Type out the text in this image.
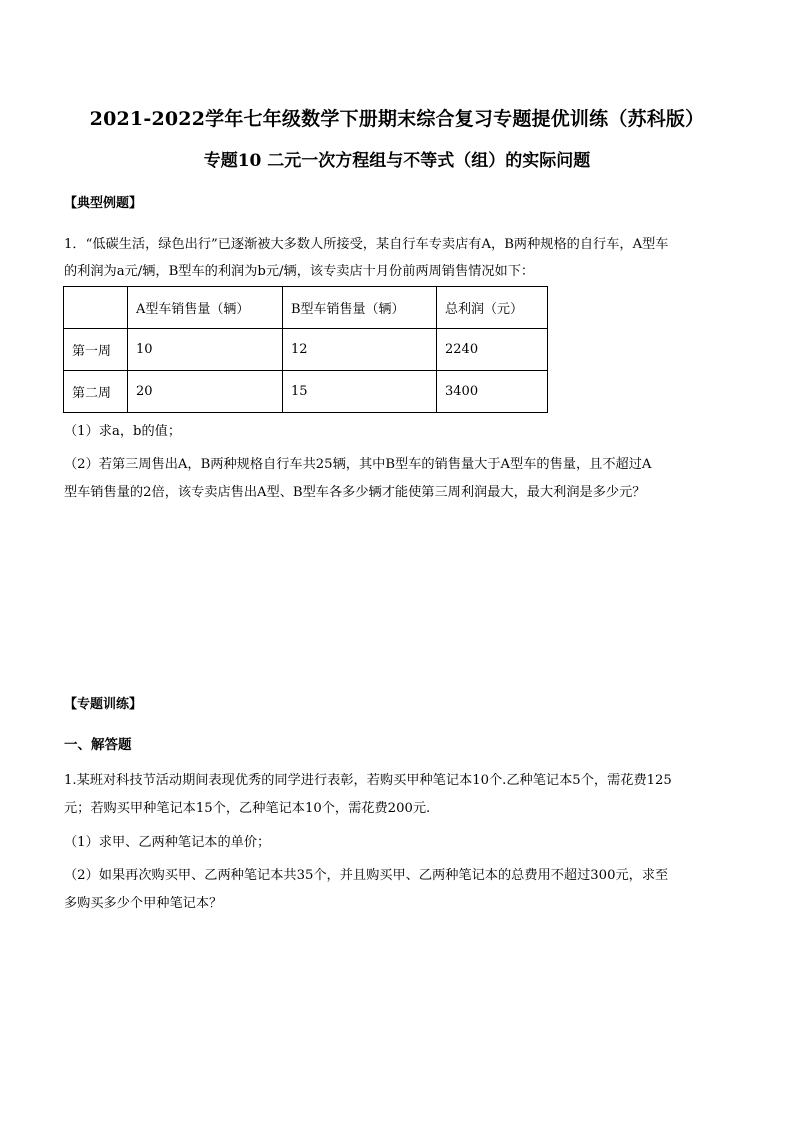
2021-2022学年七年级数学下册期末综合复习专题提优训练（苏科版）
专题10 二元一次方程组与不等式（组）的实际问题
【典型例题】
1．“低碳生活，绿色出行”已逐渐被大多数人所接受，某自行车专卖店有A，B两种规格的自行车，A型车
的利润为a元/辆，B型车的利润为b元/辆，该专卖店十月份前两周销售情况如下：
	A型车销售量（辆）	B型车销售量（辆）	总利润（元）
第一周	10	12	2240
第二周	20	15	3400
（1）求a，b的值；
（2）若第三周售出A，B两种规格自行车共25辆，其中B型车的销售量大于A型车的售量，且不超过A
型车销售量的2倍，该专卖店售出A型、B型车各多少辆才能使第三周利润最大，最大利润是多少元？
【专题训练】
一、解答题
1.某班对科技节活动期间表现优秀的同学进行表彰，若购买甲种笔记本10个.乙种笔记本5个，需花费125
元；若购买甲种笔记本15个，乙种笔记本10个，需花费200元.
（1）求甲、乙两种笔记本的单价；
（2）如果再次购买甲、乙两种笔记本共35个，并且购买甲、乙两种笔记本的总费用不超过300元，求至
多购买多少个甲种笔记本？
